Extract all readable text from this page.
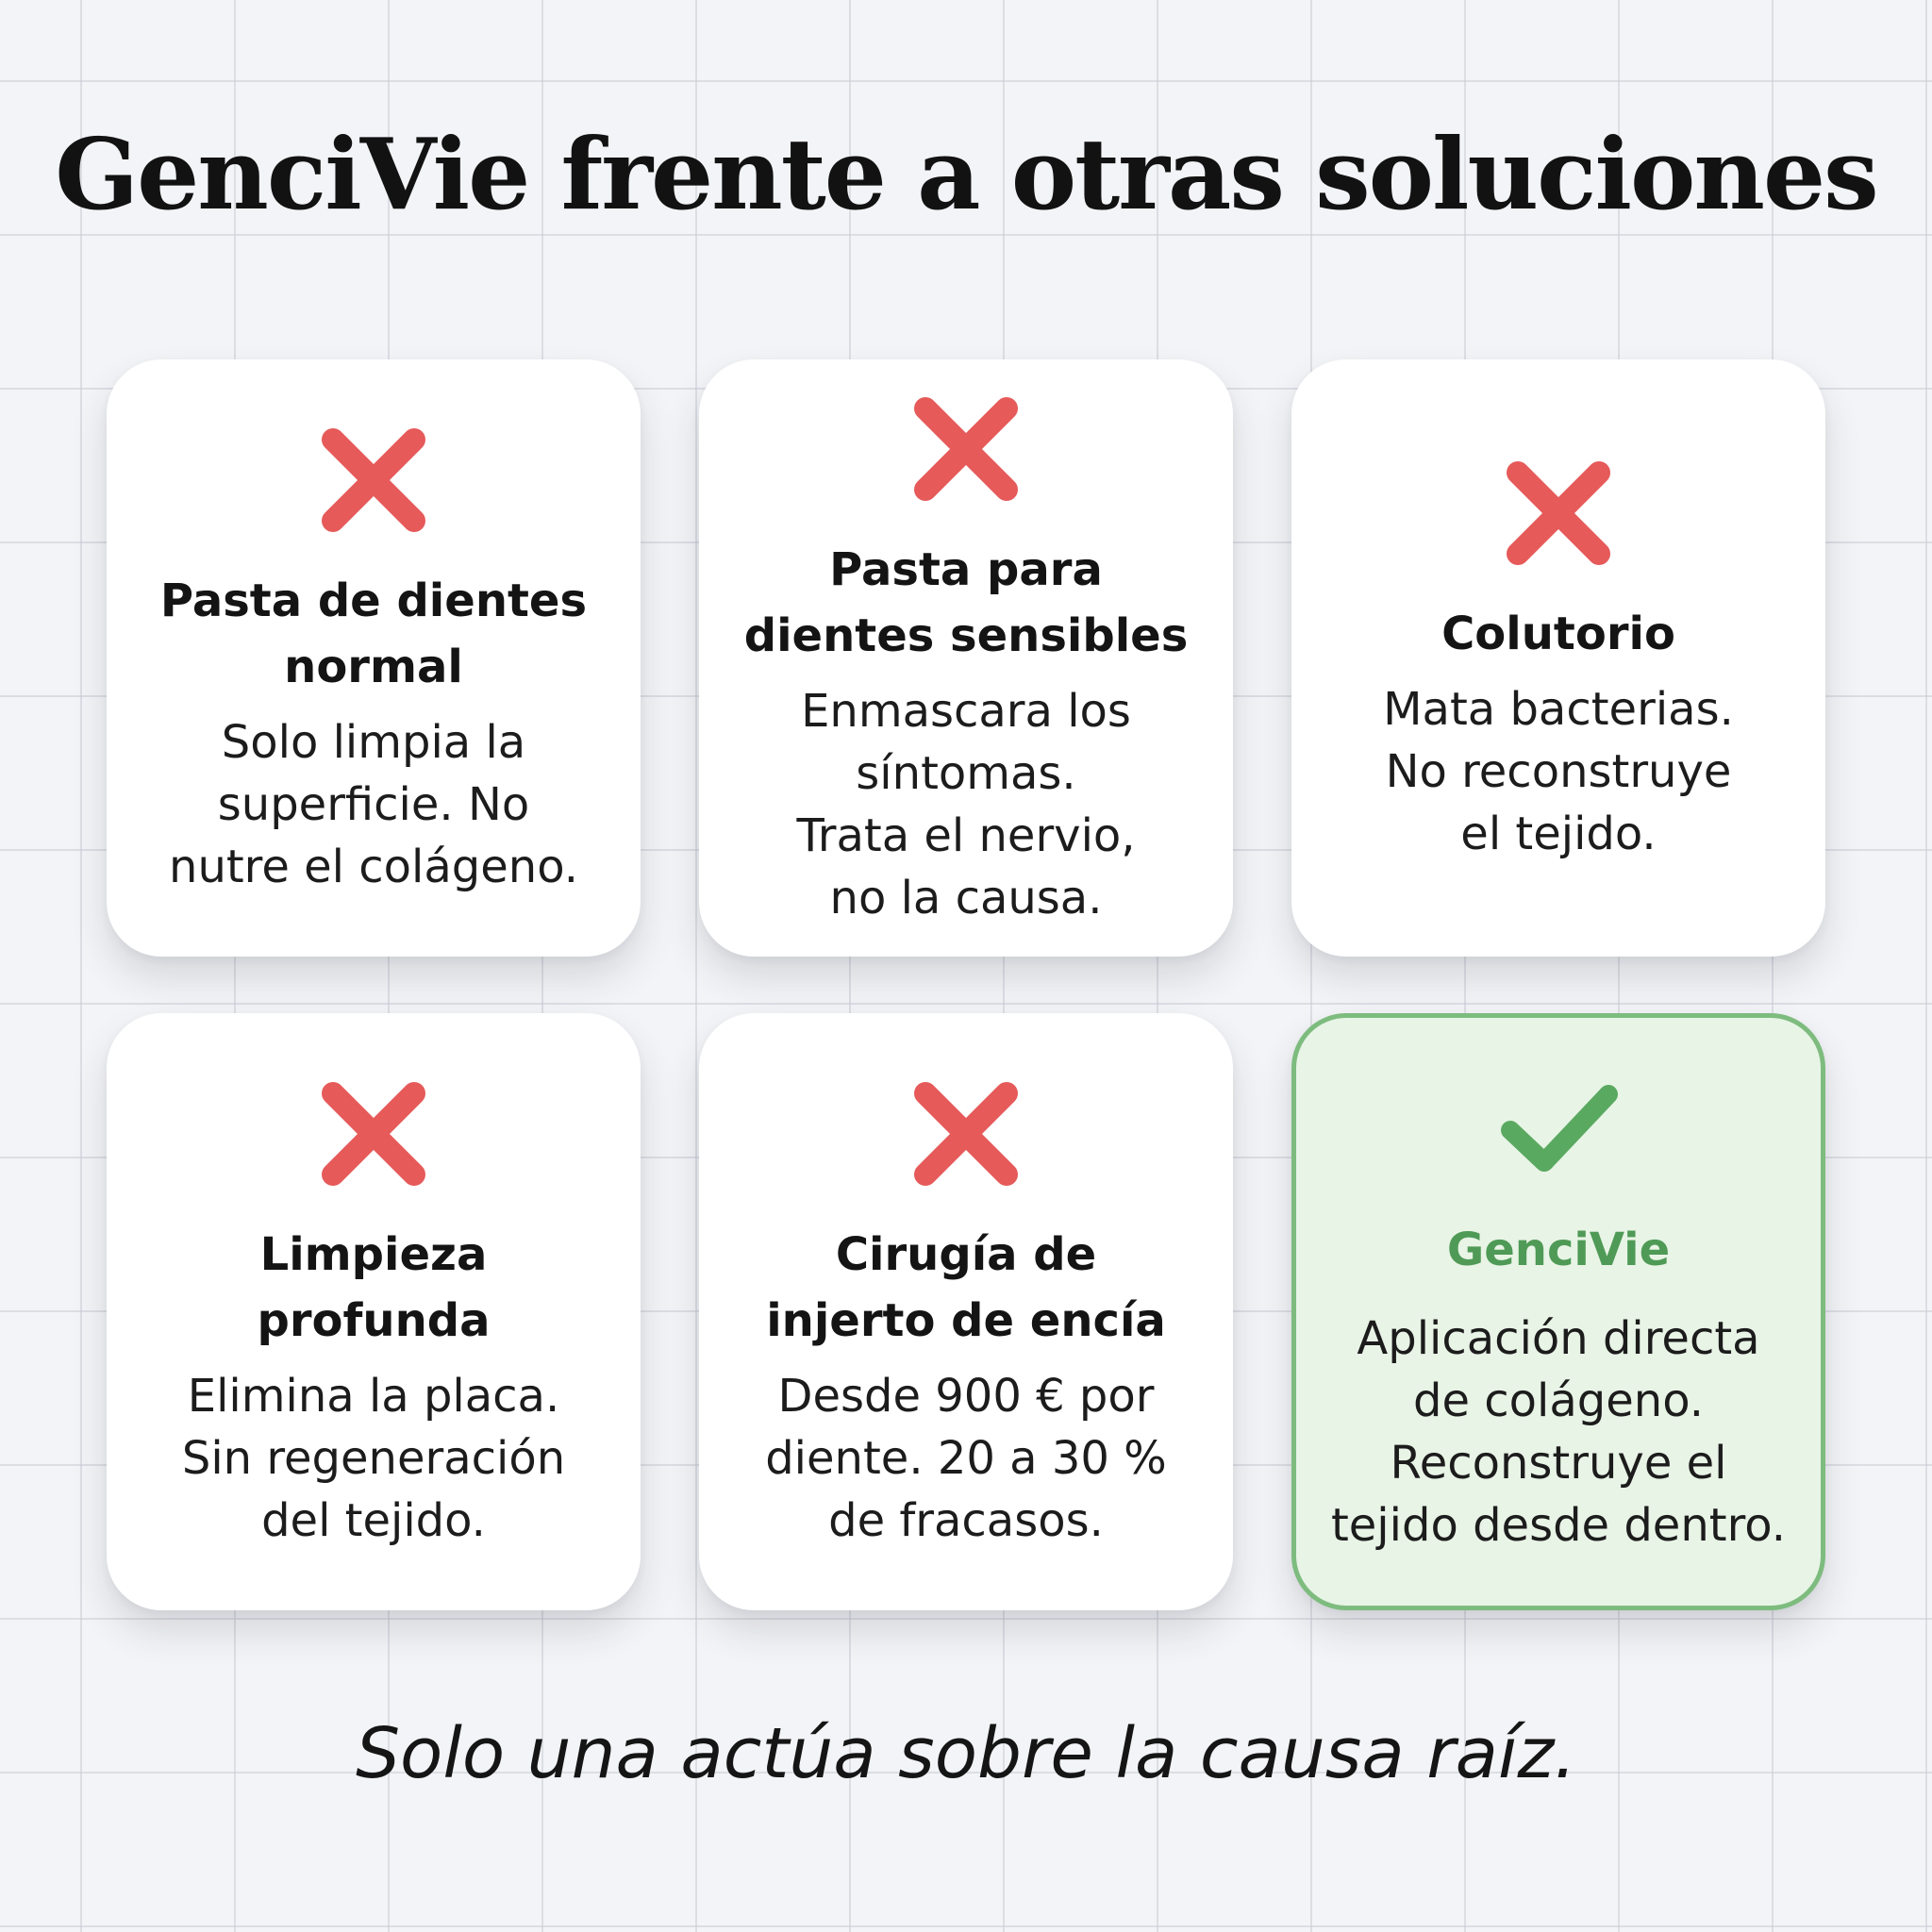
GenciVie frente a otras soluciones
Pasta de dientes
normal
Solo limpia la
superficie. No
nutre el colágeno.
Pasta para
dientes sensibles
Enmascara los
síntomas.
Trata el nervio,
no la causa.
Colutorio
Mata bacterias.
No reconstruye
el tejido.
Limpieza
profunda
Elimina la placa.
Sin regeneración
del tejido.
Cirugía de
injerto de encía
Desde 900 € por
diente. 20 a 30 %
de fracasos.
GenciVie
Aplicación directa
de colágeno.
Reconstruye el
tejido desde dentro.

Solo una actúa sobre la causa raíz.
